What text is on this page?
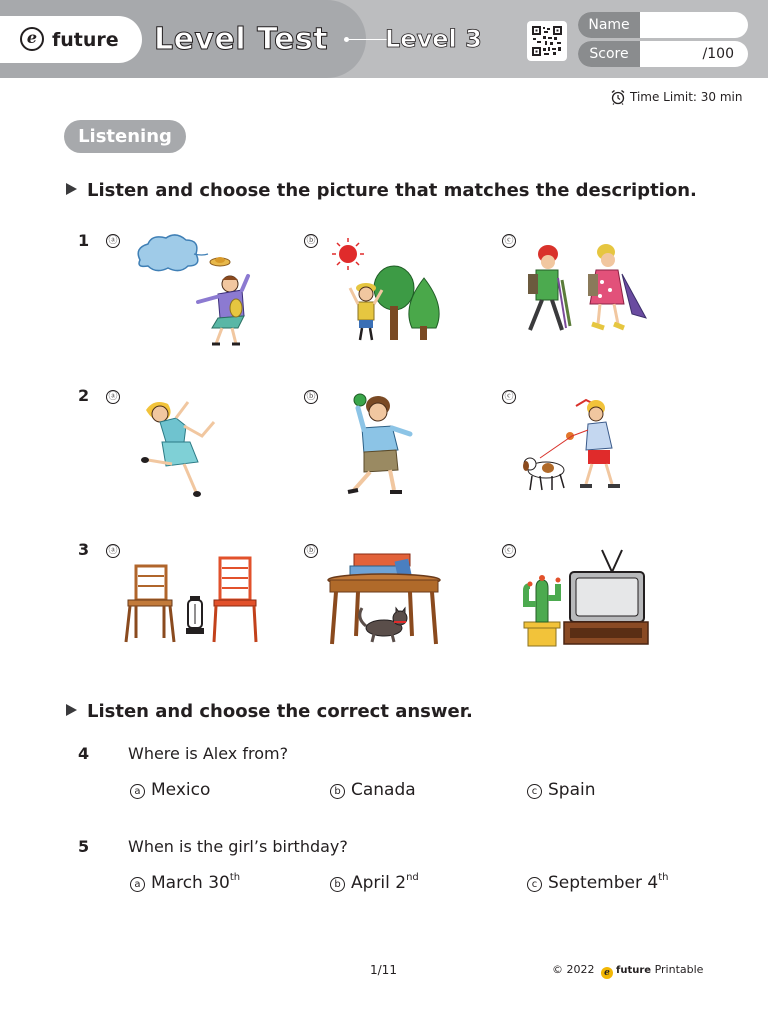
e future Level Test Level 3	Name
Score	/100
Time Limit: 30 min
Listening
Listen and choose the picture that matches the description.
1 ⓐ	ⓑ	ⓒ
2 ⓐ	ⓑ	ⓒ
3 ⓐ	ⓑ	ⓒ
Listen and choose the correct answer.
4 Where is Alex from?
a Mexico	b Canada	c Spain
5 When is the girl’s birthday?
a March 30th
b April 2nd
c September 4th
1/11	© 2022 e future Printable
